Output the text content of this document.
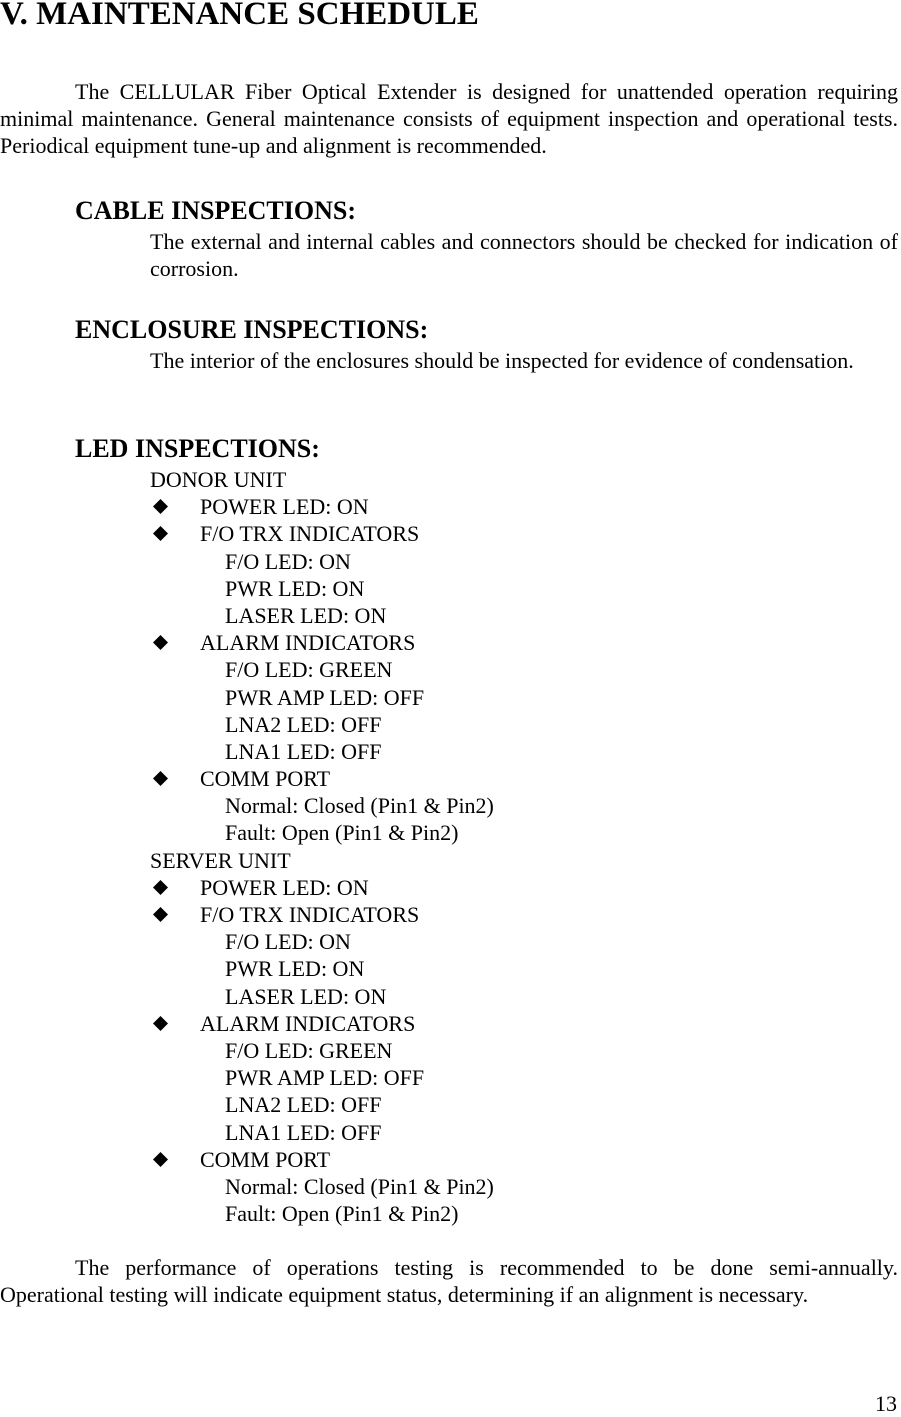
V. MAINTENANCE SCHEDULE

The CELLULAR Fiber Optical Extender is designed for unattended operation requiring minimal maintenance. General maintenance consists of equipment inspection and operational tests. Periodical equipment tune-up and alignment is recommended.

CABLE INSPECTIONS:

The external and internal cables and connectors should be checked for indication of corrosion.

ENCLOSURE INSPECTIONS:

The interior of the enclosures should be inspected for evidence of condensation.

LED INSPECTIONS:

DONOR UNIT
POWER LED: ON
F/O TRX INDICATORS
F/O LED: ON
PWR LED: ON
LASER LED: ON
ALARM INDICATORS
F/O LED: GREEN
PWR AMP LED: OFF
LNA2 LED: OFF
LNA1 LED: OFF
COMM PORT
Normal: Closed (Pin1 & Pin2)
Fault: Open (Pin1 & Pin2)
SERVER UNIT
POWER LED: ON
F/O TRX INDICATORS
F/O LED: ON
PWR LED: ON
LASER LED: ON
ALARM INDICATORS
F/O LED: GREEN
PWR AMP LED: OFF
LNA2 LED: OFF
LNA1 LED: OFF
COMM PORT
Normal: Closed (Pin1 & Pin2)
Fault: Open (Pin1 & Pin2)

The performance of operations testing is recommended to be done semi-annually. Operational testing will indicate equipment status, determining if an alignment is necessary.

13
